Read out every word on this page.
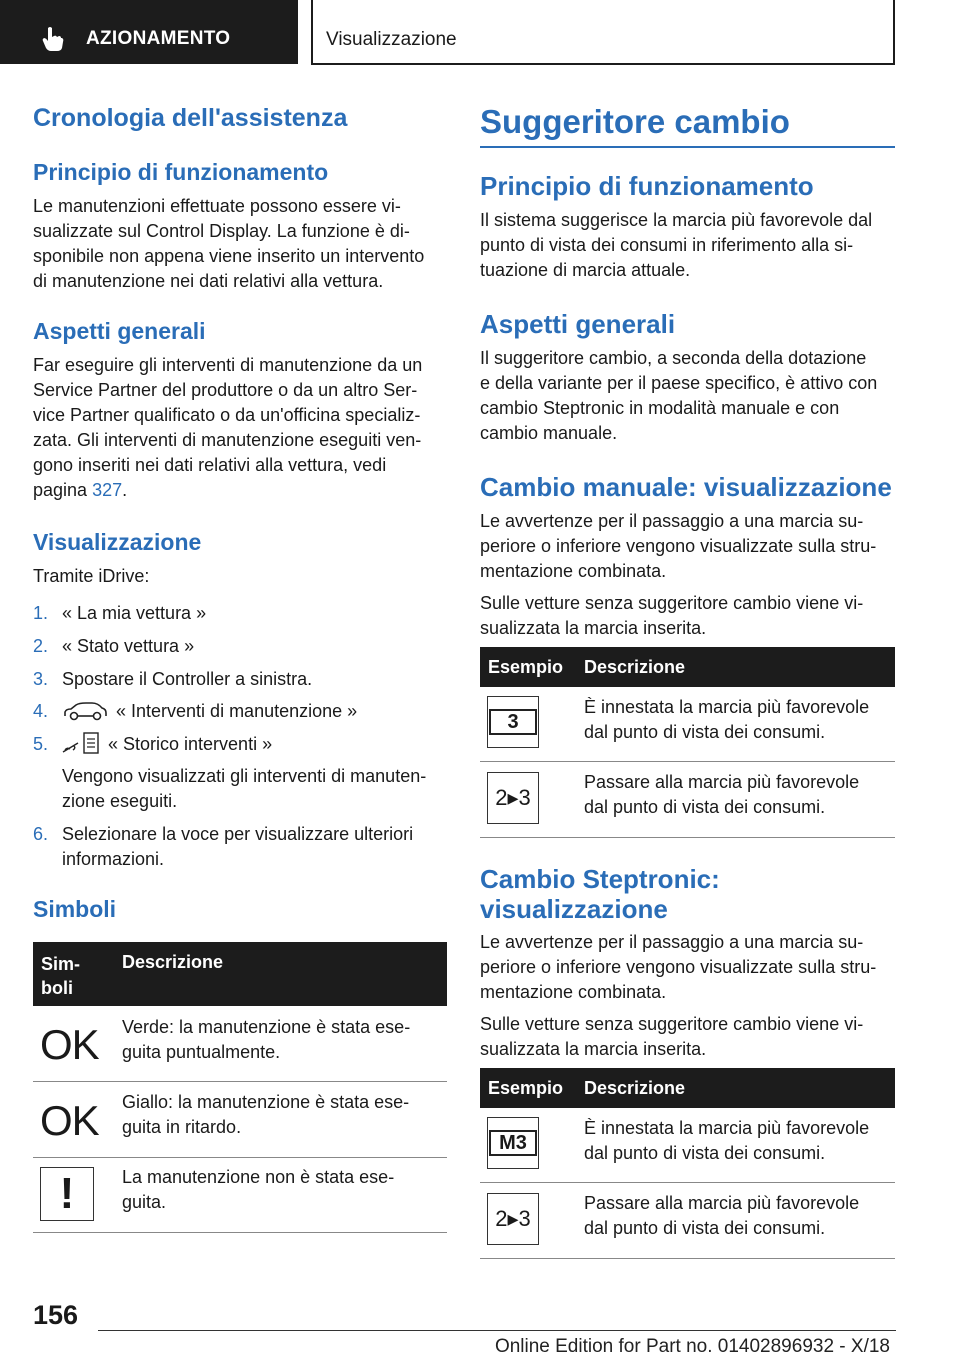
AZIONAMENTO	Visualizzazione
Cronologia dell'assistenza
Principio di funzionamento
Le manutenzioni effettuate possono essere vi-
sualizzate sul Control Display. La funzione è di-
sponibile non appena viene inserito un intervento
di manutenzione nei dati relativi alla vettura.
Aspetti generali
Far eseguire gli interventi di manutenzione da un
Service Partner del produttore o da un altro Ser-
vice Partner qualificato o da un'officina specializ-
zata. Gli interventi di manutenzione eseguiti ven-
gono inseriti nei dati relativi alla vettura, vedi
pagina 327.
Visualizzazione
Tramite iDrive:
1. « La mia vettura »
2. « Stato vettura »
3. Spostare il Controller a sinistra.
4.	« Interventi di manutenzione »
5.	« Storico interventi »
Vengono visualizzati gli interventi di manuten-
zione eseguiti.
6. Selezionare la voce per visualizzare ulteriori
informazioni.
Simboli
Sim-
boli
Descrizione
OK Verde: la manutenzione è stata ese-
guita puntualmente.
OK Giallo: la manutenzione è stata ese-
guita in ritardo.
!	La manutenzione non è stata ese-
guita.
Suggeritore cambio
Principio di funzionamento
Il sistema suggerisce la marcia più favorevole dal
punto di vista dei consumi in riferimento alla si-
tuazione di marcia attuale.
Aspetti generali
Il suggeritore cambio, a seconda della dotazione
e della variante per il paese specifico, è attivo con
cambio Steptronic in modalità manuale e con
cambio manuale.
Cambio manuale: visualizzazione
Le avvertenze per il passaggio a una marcia su-
periore o inferiore vengono visualizzate sulla stru-
mentazione combinata.
Sulle vetture senza suggeritore cambio viene vi-
sualizzata la marcia inserita.
Esempio Descrizione
3
È innestata la marcia più favorevole
dal punto di vista dei consumi.
2▸3
Passare alla marcia più favorevole
dal punto di vista dei consumi.
Cambio Steptronic:
visualizzazione
Le avvertenze per il passaggio a una marcia su-
periore o inferiore vengono visualizzate sulla stru-
mentazione combinata.
Sulle vetture senza suggeritore cambio viene vi-
sualizzata la marcia inserita.
Esempio Descrizione
M3
È innestata la marcia più favorevole
dal punto di vista dei consumi.
2▸3
Passare alla marcia più favorevole
dal punto di vista dei consumi.
156
Online Edition for Part no. 01402896932 - X/18
